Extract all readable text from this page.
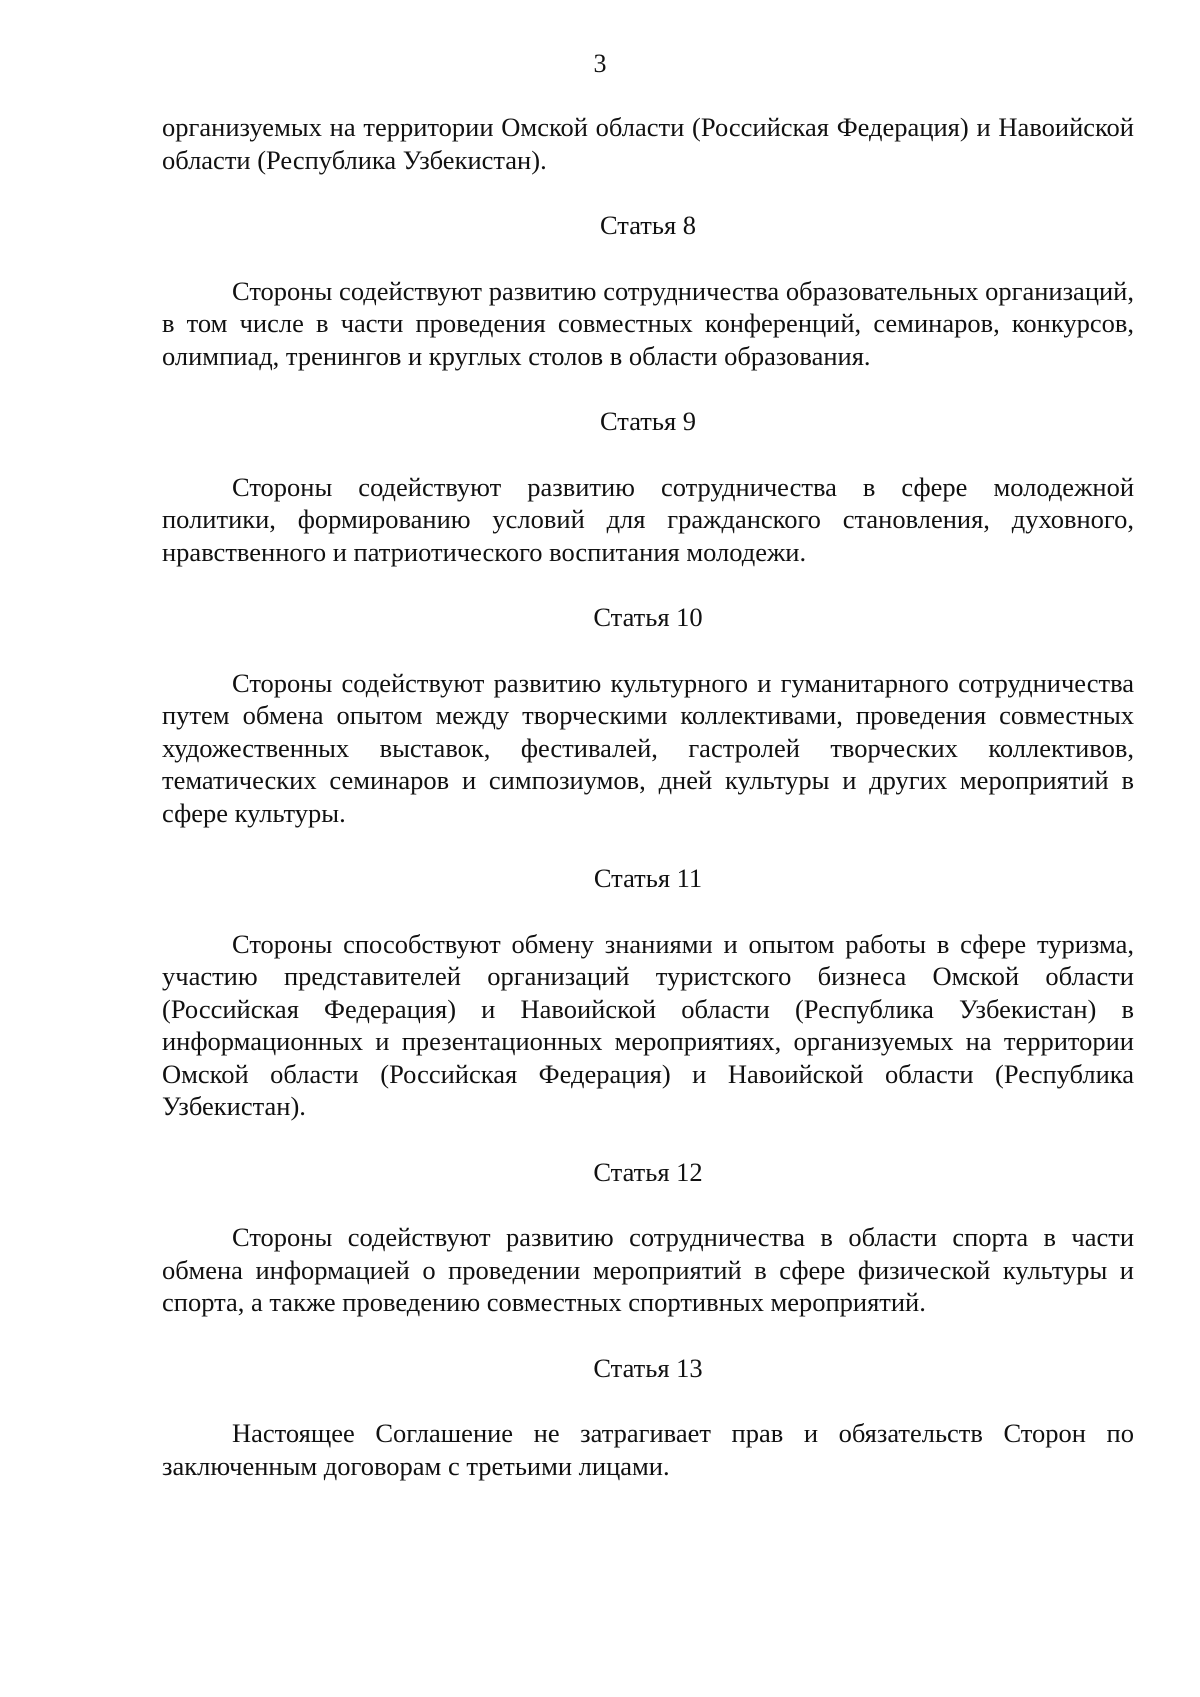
3

организуемых на территории Омской области (Российская Федерация) и Навоийской области (Республика Узбекистан).

Статья 8

Стороны содействуют развитию сотрудничества образовательных организаций, в том числе в части проведения совместных конференций, семинаров, конкурсов, олимпиад, тренингов и круглых столов в области образования.

Статья 9

Стороны содействуют развитию сотрудничества в сфере молодежной политики, формированию условий для гражданского становления, духовного, нравственного и патриотического воспитания молодежи.

Статья 10

Стороны содействуют развитию культурного и гуманитарного сотрудничества путем обмена опытом между творческими коллективами, проведения совместных художественных выставок, фестивалей, гастролей творческих коллективов, тематических семинаров и симпозиумов, дней культуры и других мероприятий в сфере культуры.

Статья 11

Стороны способствуют обмену знаниями и опытом работы в сфере туризма, участию представителей организаций туристского бизнеса Омской области (Российская Федерация) и Навоийской области (Республика Узбекистан) в информационных и презентационных мероприятиях, организуемых на территории Омской области (Российская Федерация) и Навоийской области (Республика Узбекистан).

Статья 12

Стороны содействуют развитию сотрудничества в области спорта в части обмена информацией о проведении мероприятий в сфере физической культуры и спорта, а также проведению совместных спортивных мероприятий.

Статья 13

Настоящее Соглашение не затрагивает прав и обязательств Сторон по заключенным договорам с третьими лицами.
